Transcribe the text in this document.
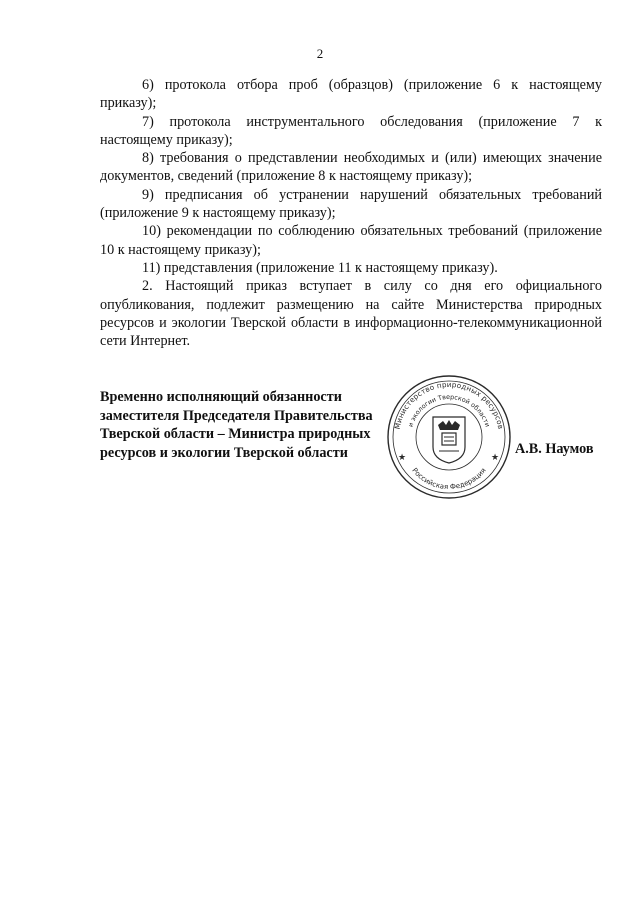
2

6) протокола отбора проб (образцов) (приложение 6 к настоящему приказу);

7) протокола инструментального обследования (приложение 7 к настоящему приказу);

8) требования о представлении необходимых и (или) имеющих значение документов, сведений (приложение 8 к настоящему приказу);

9) предписания об устранении нарушений обязательных требований (приложение 9 к настоящему приказу);

10) рекомендации по соблюдению обязательных требований (приложение 10 к настоящему приказу);

11) представления (приложение 11 к настоящему приказу).

2. Настоящий приказ вступает в силу со дня его официального опубликования, подлежит размещению на сайте Министерства природных ресурсов и экологии Тверской области в информационно-телекоммуникационной сети Интернет.

Временно исполняющий обязанности
заместителя Председателя Правительства
Тверской области – Министра природных
ресурсов и экологии Тверской области
Министерство природных ресурсов
и экологии Тверской области
Российская Федерация
★	★
А.В. Наумов
